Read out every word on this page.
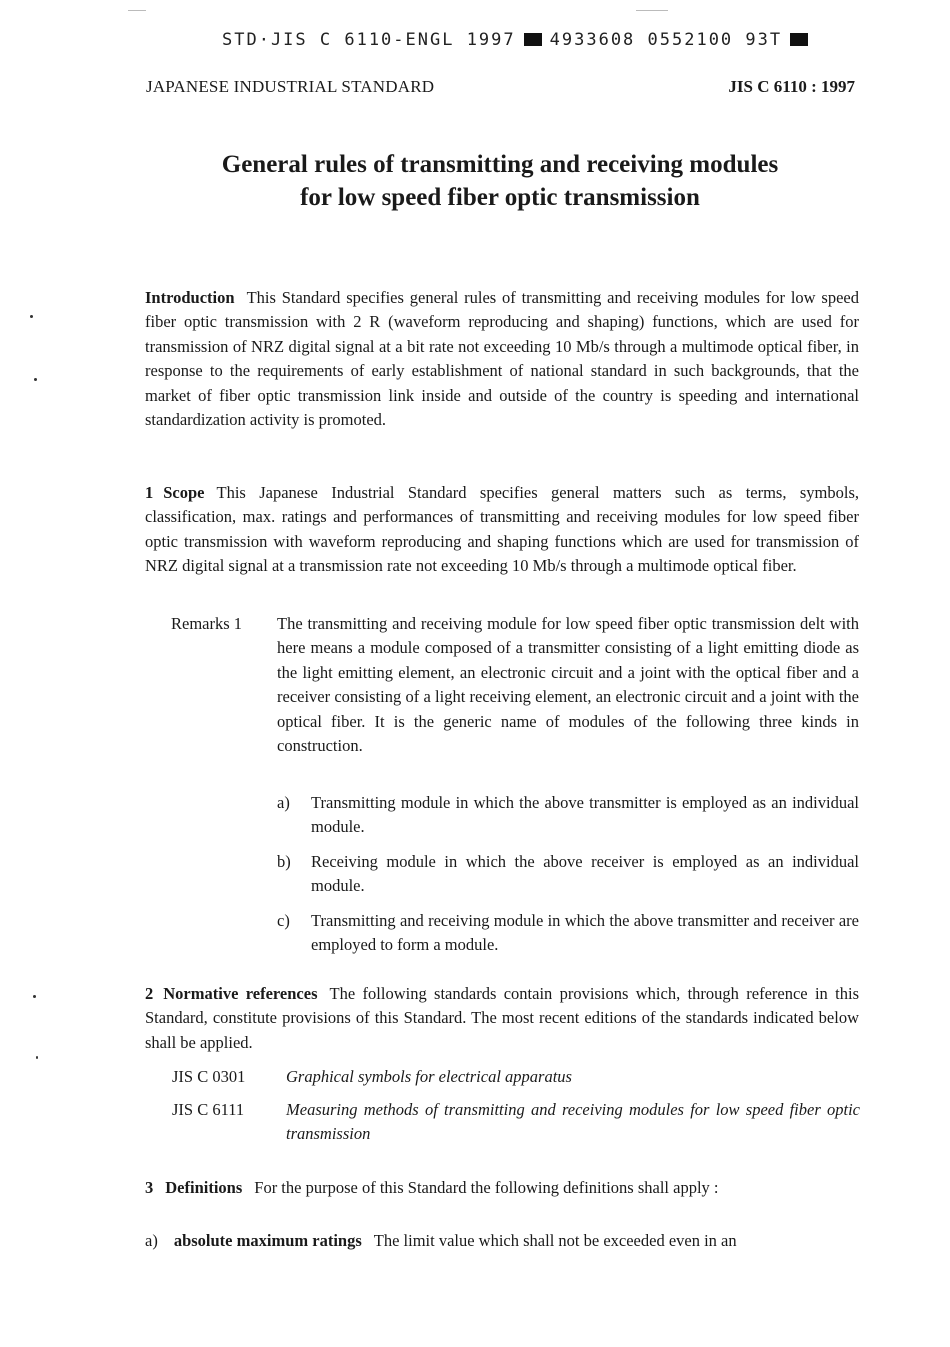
STD·JIS C 6110-ENGL 1997 4933608 0552100 93T
JAPANESE INDUSTRIAL STANDARD	JIS C 6110 : 1997
General rules of transmitting and receiving modules
for low speed fiber optic transmission
Introduction This Standard specifies general rules of transmitting and receiving modules for low speed fiber optic transmission with 2 R (waveform reproducing and shaping) functions, which are used for transmission of NRZ digital signal at a bit rate not exceeding 10 Mb/s through a multimode optical fiber, in response to the requirements of early establishment of national standard in such backgrounds, that the market of fiber optic transmission link inside and outside of the country is speeding and international standardization activity is promoted.
1 Scope This Japanese Industrial Standard specifies general matters such as terms, symbols, classification, max. ratings and performances of transmitting and receiving modules for low speed fiber optic transmission with waveform reproducing and shaping functions which are used for transmission of NRZ digital signal at a transmission rate not exceeding 10 Mb/s through a multimode optical fiber.
Remarks 1 The transmitting and receiving module for low speed fiber optic transmission delt with here means a module composed of a transmitter consisting of a light emitting diode as the light emitting element, an electronic circuit and a joint with the optical fiber and a receiver consisting of a light receiving element, an electronic circuit and a joint with the optical fiber. It is the generic name of modules of the following three kinds in construction.
a) Transmitting module in which the above transmitter is employed as an individual module.
b) Receiving module in which the above receiver is employed as an individual module.
c) Transmitting and receiving module in which the above transmitter and receiver are employed to form a module.
2 Normative references The following standards contain provisions which, through reference in this Standard, constitute provisions of this Standard. The most recent editions of the standards indicated below shall be applied.
JIS C 0301 Graphical symbols for electrical apparatus
JIS C 6111	Measuring methods of transmitting and receiving modules for low speed fiber optic transmission
3 Definitions For the purpose of this Standard the following definitions shall apply :
a) absolute maximum ratings The limit value which shall not be exceeded even in an
